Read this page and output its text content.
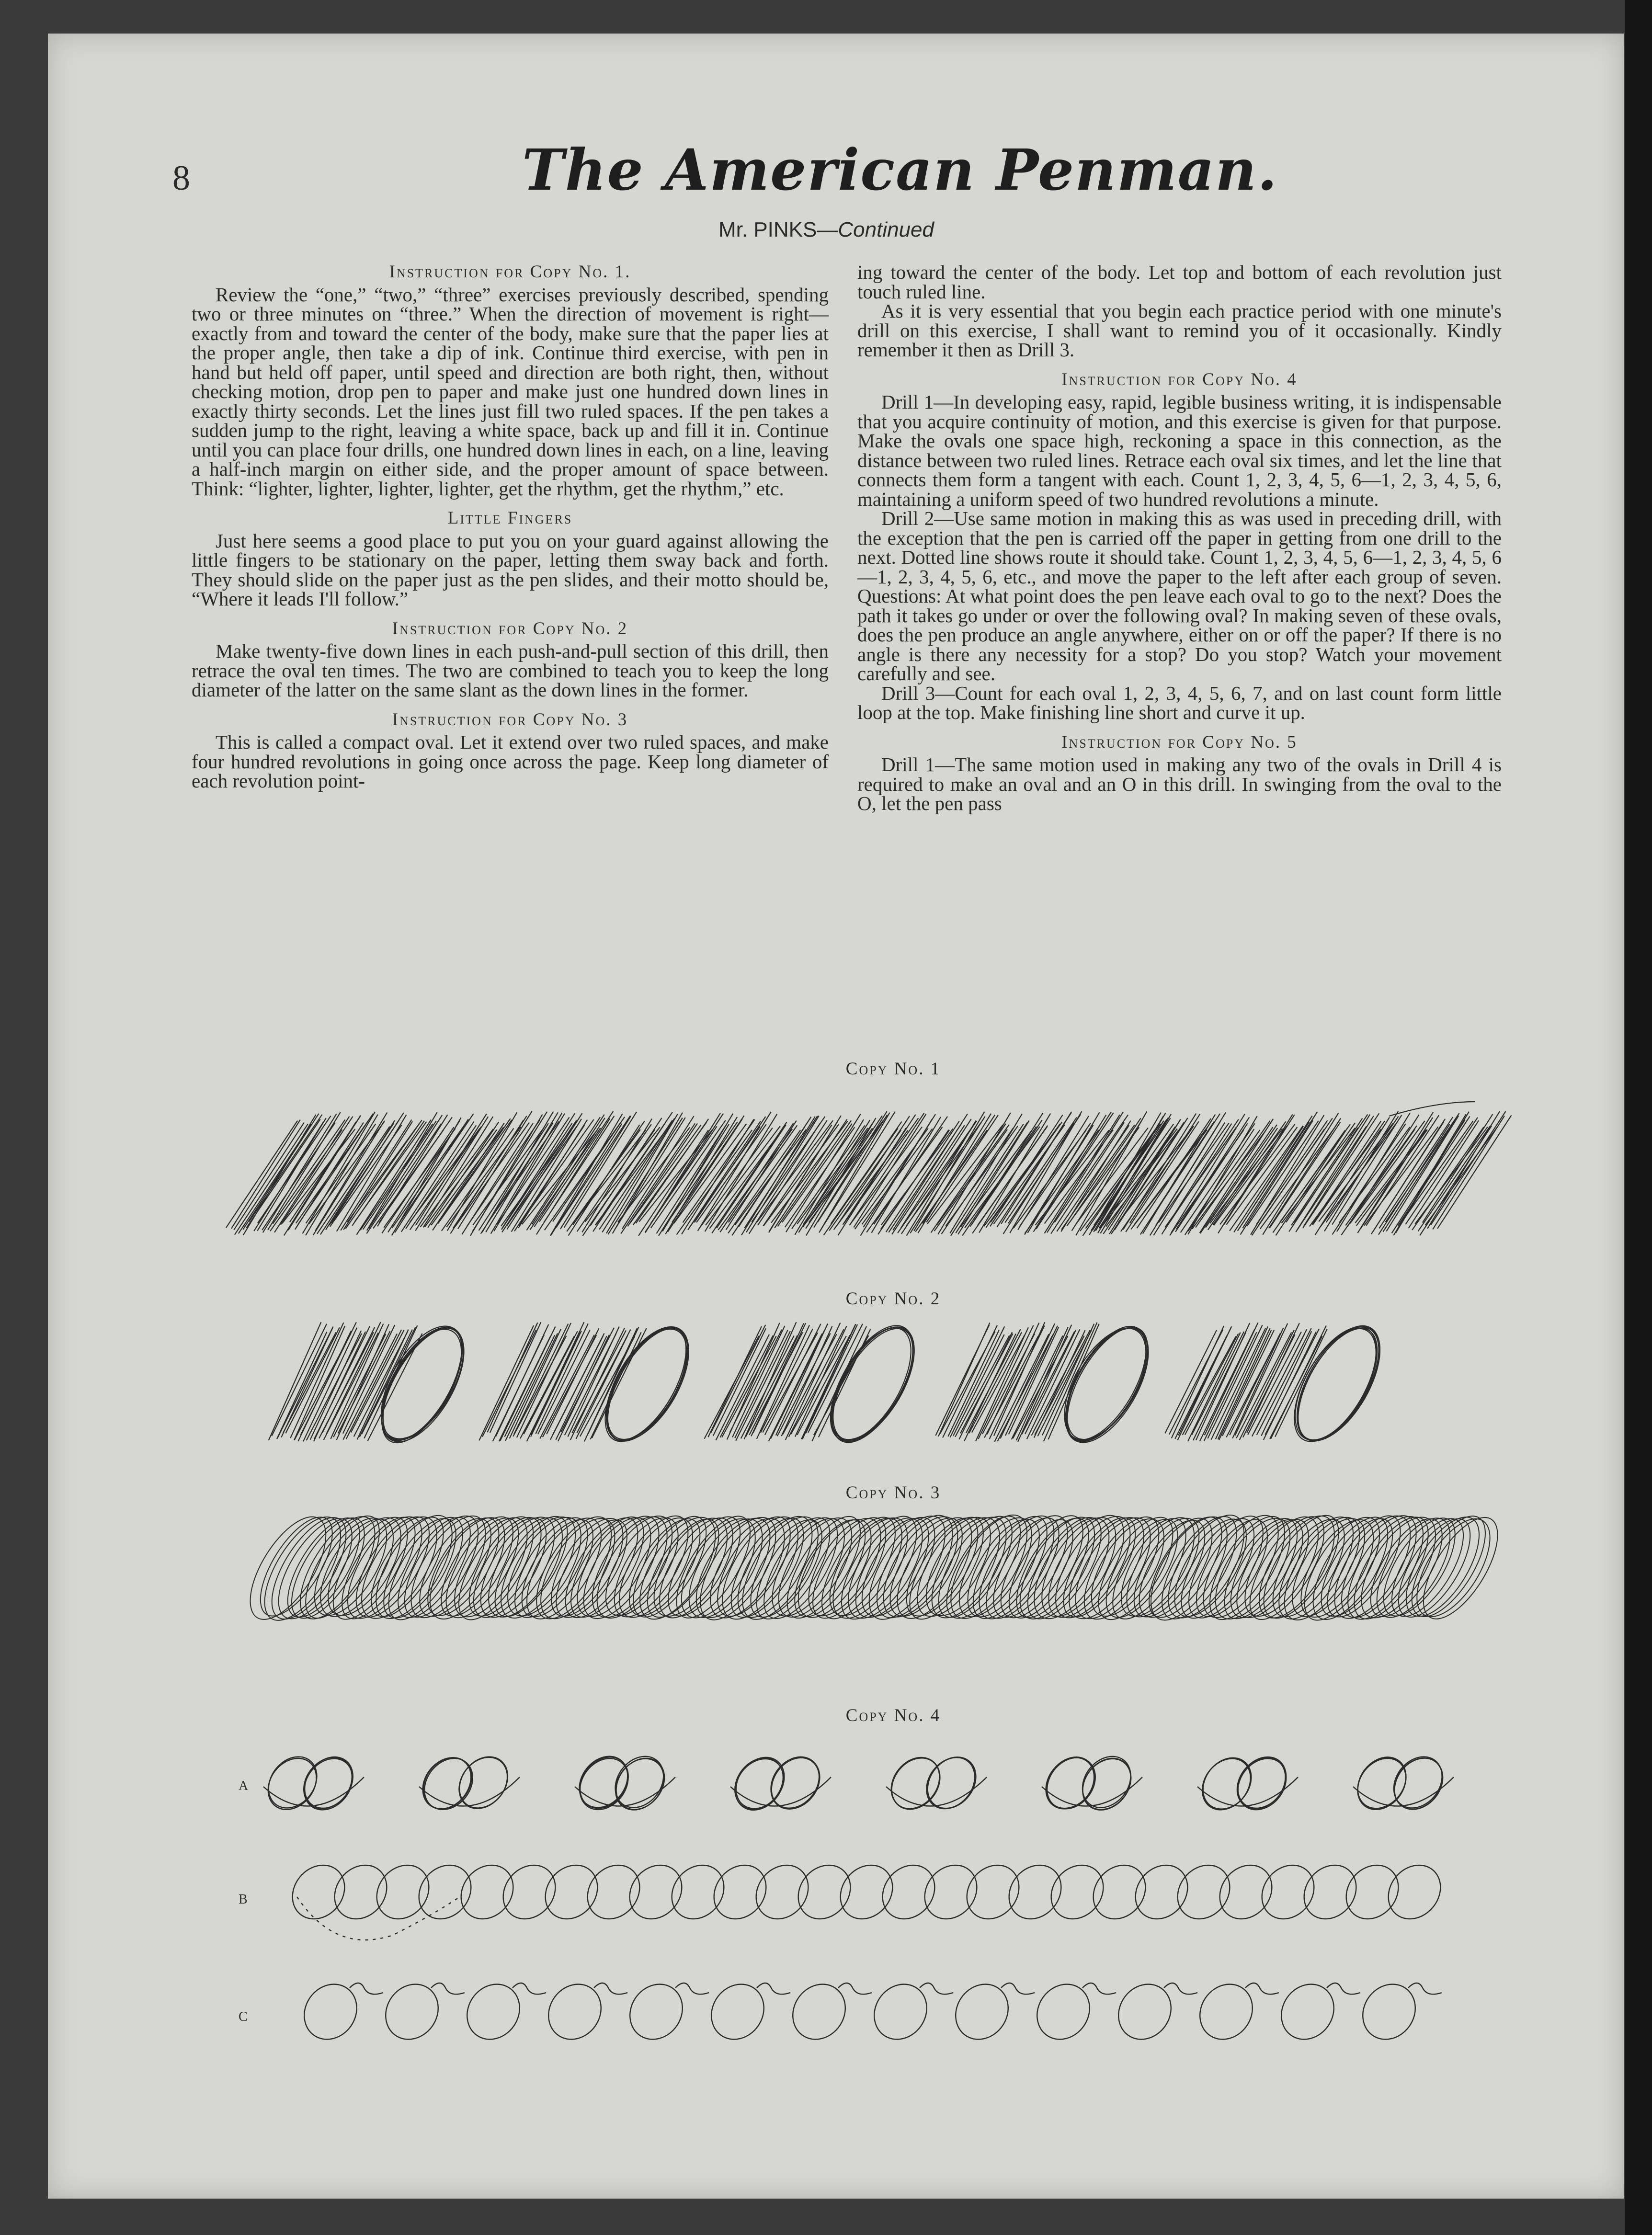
8	The American Penman.
Mr. PINKS—Continued
Instruction for Copy No. 1.

Review the “one,” “two,” “three” exercises previously described, spending two or three minutes on “three.” When the direction of movement is right—exactly from and toward the center of the body, make sure that the paper lies at the proper angle, then take a dip of ink. Continue third exercise, with pen in hand but held off paper, until speed and direction are both right, then, without checking motion, drop pen to paper and make just one hundred down lines in exactly thirty seconds. Let the lines just fill two ruled spaces. If the pen takes a sudden jump to the right, leaving a white space, back up and fill it in. Continue until you can place four drills, one hundred down lines in each, on a line, leaving a half-inch margin on either side, and the proper amount of space between. Think: “lighter, lighter, lighter, lighter, get the rhythm, get the rhythm,” etc.

Little Fingers

Just here seems a good place to put you on your guard against allowing the little fingers to be stationary on the paper, letting them sway back and forth. They should slide on the paper just as the pen slides, and their motto should be, “Where it leads I'll follow.”

Instruction for Copy No. 2

Make twenty-five down lines in each push-and-pull section of this drill, then retrace the oval ten times. The two are combined to teach you to keep the long diameter of the latter on the same slant as the down lines in the former.

Instruction for Copy No. 3

This is called a compact oval. Let it extend over two ruled spaces, and make four hundred revolutions in going once across the page. Keep long diameter of each revolution point-

ing toward the center of the body. Let top and bottom of each revolution just touch ruled line.

As it is very essential that you begin each practice period with one minute's drill on this exercise, I shall want to remind you of it occasionally. Kindly remember it then as Drill 3.

Instruction for Copy No. 4

Drill 1—In developing easy, rapid, legible business writing, it is indispensable that you acquire continuity of motion, and this exercise is given for that purpose. Make the ovals one space high, reckoning a space in this connection, as the distance between two ruled lines. Retrace each oval six times, and let the line that connects them form a tangent with each. Count 1, 2, 3, 4, 5, 6—1, 2, 3, 4, 5, 6, maintaining a uniform speed of two hundred revolutions a minute.

Drill 2—Use same motion in making this as was used in preceding drill, with the exception that the pen is carried off the paper in getting from one drill to the next. Dotted line shows route it should take. Count 1, 2, 3, 4, 5, 6—1, 2, 3, 4, 5, 6—1, 2, 3, 4, 5, 6, etc., and move the paper to the left after each group of seven. Questions: At what point does the pen leave each oval to go to the next? Does the path it takes go under or over the following oval? In making seven of these ovals, does the pen produce an angle anywhere, either on or off the paper? If there is no angle is there any necessity for a stop? Do you stop? Watch your movement carefully and see.

Drill 3—Count for each oval 1, 2, 3, 4, 5, 6, 7, and on last count form little loop at the top. Make finishing line short and curve it up.

Instruction for Copy No. 5

Drill 1—The same motion used in making any two of the ovals in Drill 4 is required to make an oval and an O in this drill. In swinging from the oval to the O, let the pen pass

Copy No. 1
Copy No. 2
Copy No. 3
Copy No. 4
A
B
C
